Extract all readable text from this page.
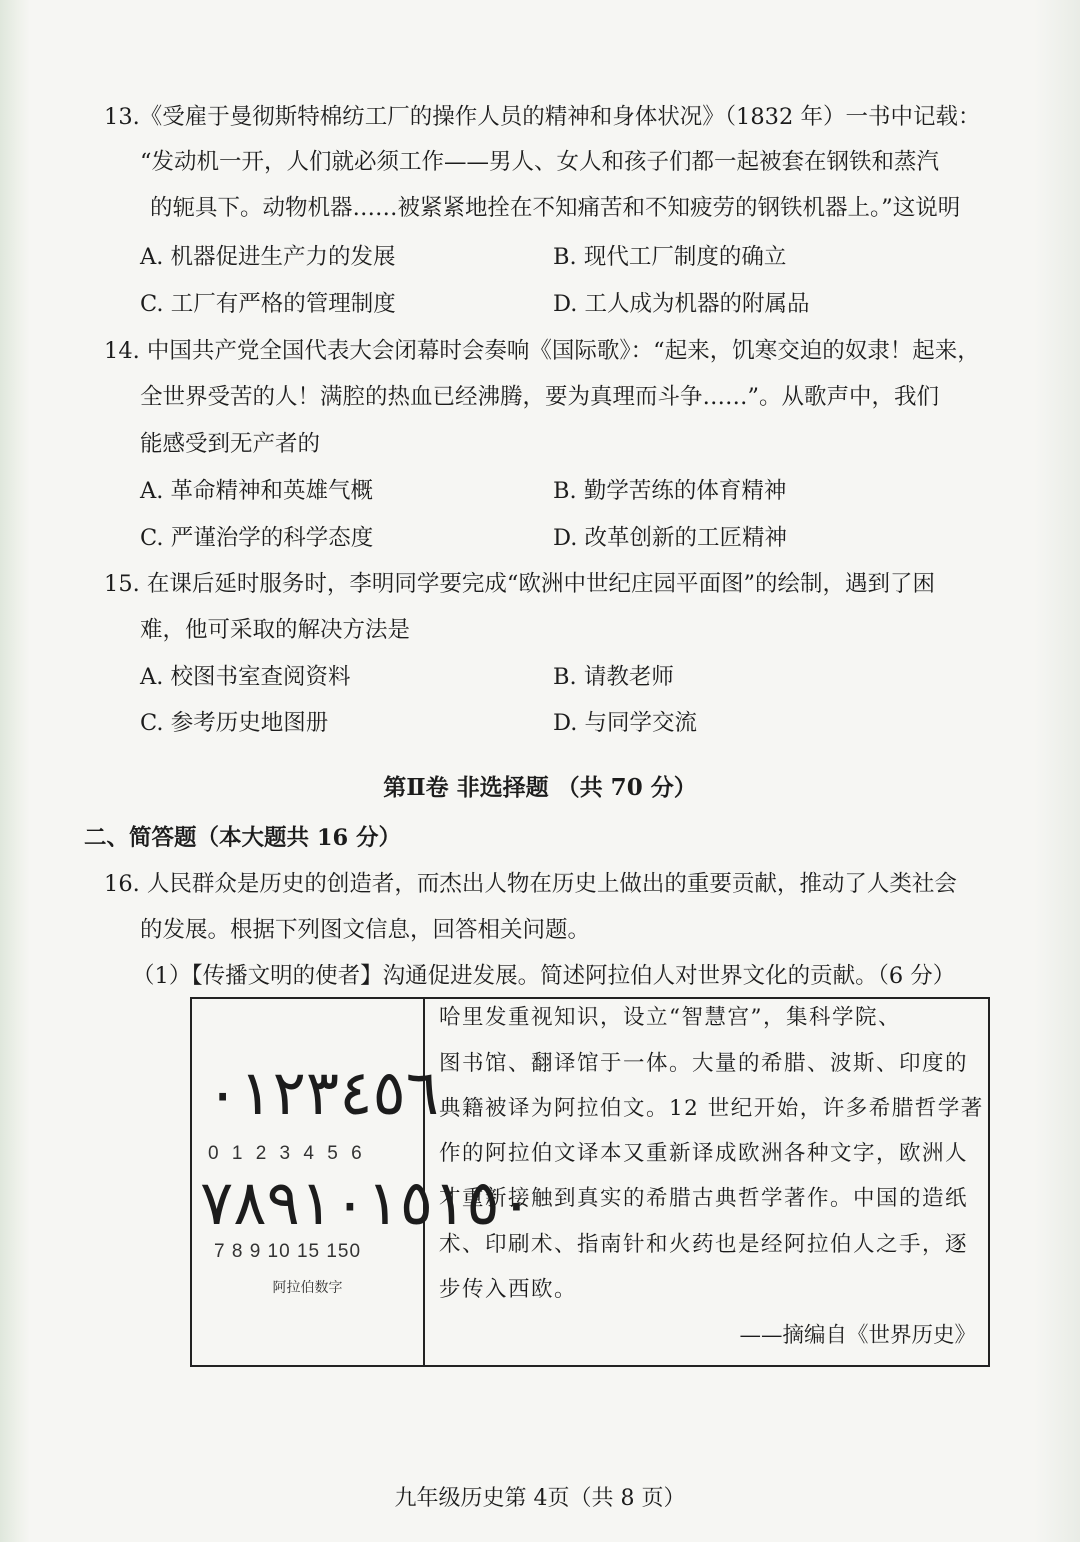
13.《受雇于曼彻斯特棉纺工厂的操作人员的精神和身体状况》（1832 年）一书中记载：
“发动机一开，人们就必须工作——男人、女人和孩子们都一起被套在钢铁和蒸汽
的轭具下。动物机器……被紧紧地拴在不知痛苦和不知疲劳的钢铁机器上。”这说明
A. 机器促进生产力的发展	B. 现代工厂制度的确立
C. 工厂有严格的管理制度	D. 工人成为机器的附属品
14. 中国共产党全国代表大会闭幕时会奏响《国际歌》：“起来，饥寒交迫的奴隶！起来，
全世界受苦的人！满腔的热血已经沸腾，要为真理而斗争……”。从歌声中，我们
能感受到无产者的
A. 革命精神和英雄气概	B. 勤学苦练的体育精神
C. 严谨治学的科学态度	D. 改革创新的工匠精神
15. 在课后延时服务时，李明同学要完成“欧洲中世纪庄园平面图”的绘制，遇到了困
难，他可采取的解决方法是
A. 校图书室查阅资料	B. 请教老师
C. 参考历史地图册	D. 与同学交流
第Ⅱ卷 非选择题 （共 70 分）
二、简答题（本大题共 16 分）
16. 人民群众是历史的创造者，而杰出人物在历史上做出的重要贡献，推动了人类社会
的发展。根据下列图文信息，回答相关问题。
（1）【传播文明的使者】沟通促进发展。简述阿拉伯人对世界文化的贡献。（6 分）
٠١٢٣٤٥٦
0 1 2 3 4 5 6
٧٨٩١٠١٥١٥٠
7 8 9 10 15 150
阿拉伯数字
哈里发重视知识，设立“智慧宫”，集科学院、
图书馆、翻译馆于一体。大量的希腊、波斯、印度的
典籍被译为阿拉伯文。12 世纪开始，许多希腊哲学著
作的阿拉伯文译本又重新译成欧洲各种文字，欧洲人
才重新接触到真实的希腊古典哲学著作。中国的造纸
术、印刷术、指南针和火药也是经阿拉伯人之手，逐
步传入西欧。
——摘编自《世界历史》
九年级历史第 4页（共 8 页）
